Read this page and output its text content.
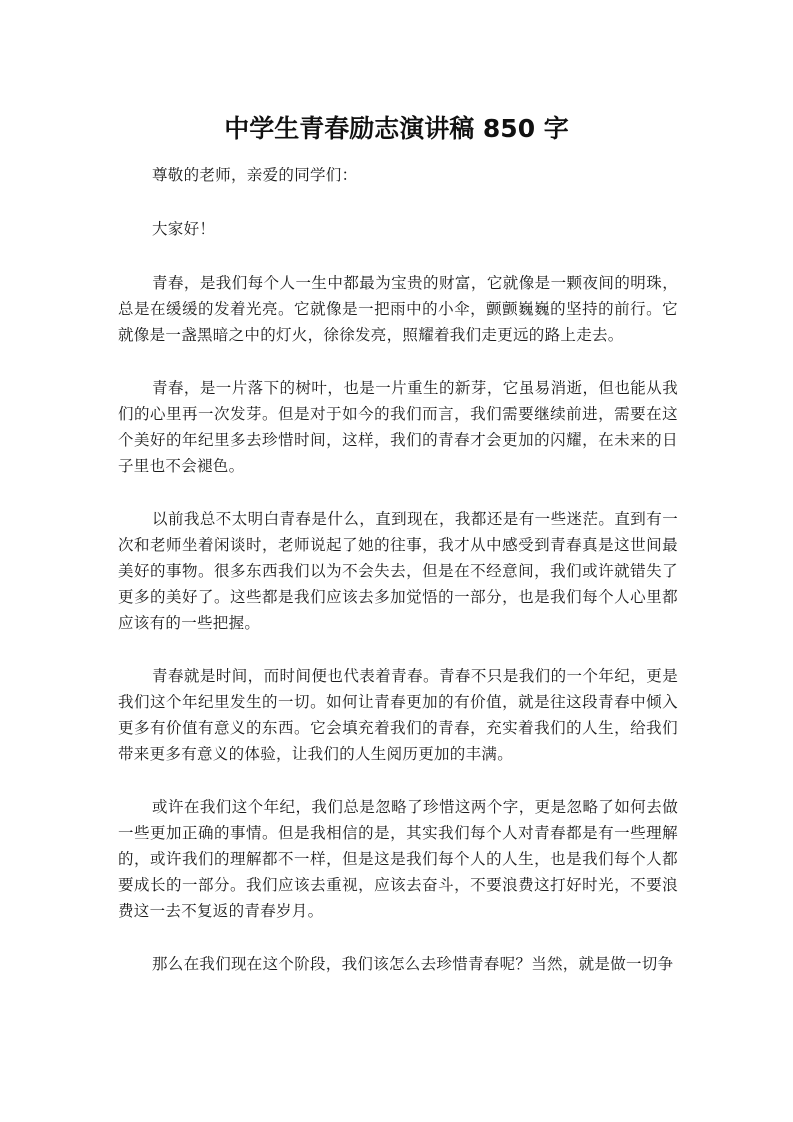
中学生青春励志演讲稿 850 字

尊敬的老师，亲爱的同学们：

大家好！

青春，是我们每个人一生中都最为宝贵的财富，它就像是一颗夜间的明珠，总是在缓缓的发着光亮。它就像是一把雨中的小伞，颤颤巍巍的坚持的前行。它就像是一盏黑暗之中的灯火，徐徐发亮，照耀着我们走更远的路上走去。

青春，是一片落下的树叶，也是一片重生的新芽，它虽易消逝，但也能从我们的心里再一次发芽。但是对于如今的我们而言，我们需要继续前进，需要在这个美好的年纪里多去珍惜时间，这样，我们的青春才会更加的闪耀，在未来的日子里也不会褪色。

以前我总不太明白青春是什么，直到现在，我都还是有一些迷茫。直到有一次和老师坐着闲谈时，老师说起了她的往事，我才从中感受到青春真是这世间最美好的事物。很多东西我们以为不会失去，但是在不经意间，我们或许就错失了更多的美好了。这些都是我们应该去多加觉悟的一部分，也是我们每个人心里都应该有的一些把握。

青春就是时间，而时间便也代表着青春。青春不只是我们的一个年纪，更是我们这个年纪里发生的一切。如何让青春更加的有价值，就是往这段青春中倾入更多有价值有意义的东西。它会填充着我们的青春，充实着我们的人生，给我们带来更多有意义的体验，让我们的人生阅历更加的丰满。

或许在我们这个年纪，我们总是忽略了珍惜这两个字，更是忽略了如何去做一些更加正确的事情。但是我相信的是，其实我们每个人对青春都是有一些理解的，或许我们的理解都不一样，但是这是我们每个人的人生，也是我们每个人都要成长的一部分。我们应该去重视，应该去奋斗，不要浪费这打好时光，不要浪费这一去不复返的青春岁月。

那么在我们现在这个阶段，我们该怎么去珍惜青春呢？当然，就是做一切争
